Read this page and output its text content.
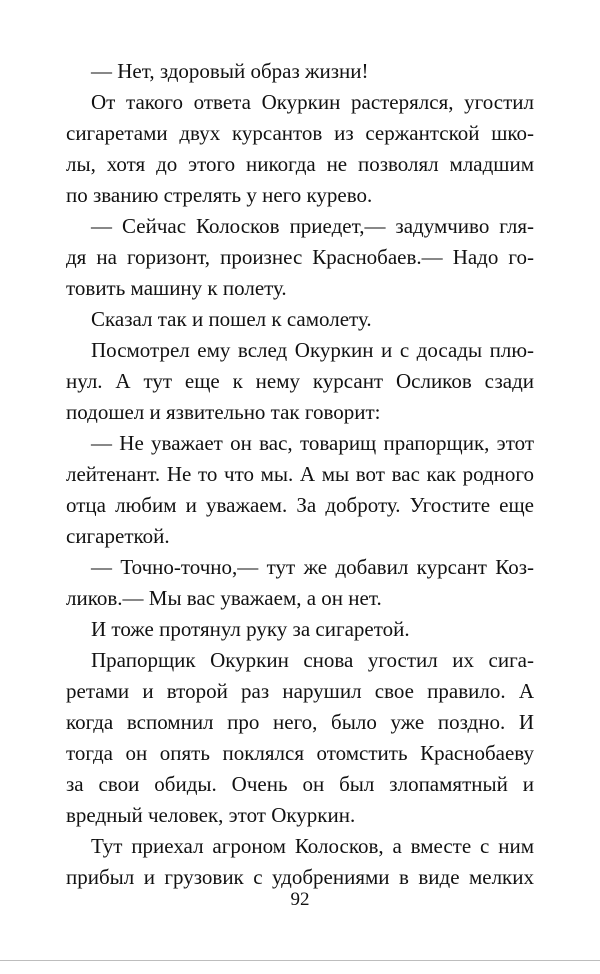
— Нет, здоровый образ жизни!
От такого ответа Окуркин растерялся, угостил
сигаретами двух курсантов из сержантской шко-
лы, хотя до этого никогда не позволял младшим
по званию стрелять у него курево.
— Сейчас Колосков приедет,— задумчиво гля-
дя на горизонт, произнес Краснобаев.— Надо го-
товить машину к полету.
Сказал так и пошел к самолету.
Посмотрел ему вслед Окуркин и с досады плю-
нул. А тут еще к нему курсант Осликов сзади
подошел и язвительно так говорит:
— Не уважает он вас, товарищ прапорщик, этот
лейтенант. Не то что мы. А мы вот вас как родного
отца любим и уважаем. За доброту. Угостите еще
сигареткой.
— Точно-точно,— тут же добавил курсант Коз-
ликов.— Мы вас уважаем, а он нет.
И тоже протянул руку за сигаретой.
Прапорщик Окуркин снова угостил их сига-
ретами и второй раз нарушил свое правило. А
когда вспомнил про него, было уже поздно. И
тогда он опять поклялся отомстить Краснобаеву
за свои обиды. Очень он был злопамятный и
вредный человек, этот Окуркин.
Тут приехал агроном Колосков, а вместе с ним
прибыл и грузовик с удобрениями в виде мелких
92
